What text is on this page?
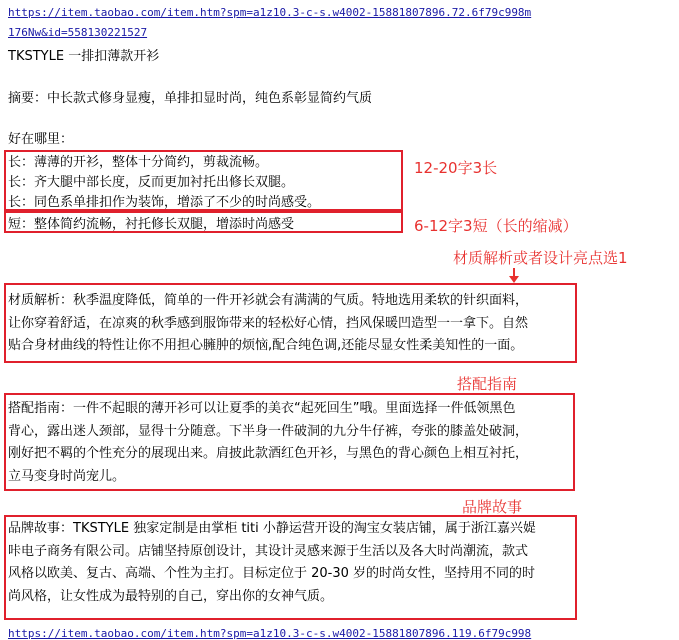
https://item.taobao.com/item.htm?spm=a1z10.3-c-s.w4002-15881807896.72.6f79c998m
176Nw&id=558130221527
TKSTYLE 一排扣薄款开衫
摘要：中长款式修身显瘦，单排扣显时尚，纯色系彰显简约气质
好在哪里：
长：薄薄的开衫，整体十分简约，剪裁流畅。
长：齐大腿中部长度，反而更加衬托出修长双腿。
长：同色系单排扣作为装饰，增添了不少的时尚感受。
12-20字3长
短：整体简约流畅，衬托修长双腿，增添时尚感受	6-12字3短（长的缩减）
材质解析或者设计亮点选1
材质解析：秋季温度降低，简单的一件开衫就会有满满的气质。特地选用柔软的针织面料，
让你穿着舒适，在凉爽的秋季感到服饰带来的轻松好心情，挡风保暖凹造型一一拿下。自然
贴合身材曲线的特性让你不用担心臃肿的烦恼,配合纯色调,还能尽显女性柔美知性的一面。
搭配指南
搭配指南：一件不起眼的薄开衫可以让夏季的美衣“起死回生”哦。里面选择一件低领黑色
背心，露出迷人颈部，显得十分随意。下半身一件破洞的九分牛仔裤，夸张的膝盖处破洞，
刚好把不羁的个性充分的展现出来。肩披此款酒红色开衫，与黑色的背心颜色上相互衬托，
立马变身时尚宠儿。
品牌故事
品牌故事：TKSTYLE 独家定制是由掌柜 titi 小静运营开设的淘宝女装店铺，属于浙江嘉兴媞
咔电子商务有限公司。店铺坚持原创设计，其设计灵感来源于生活以及各大时尚潮流，款式
风格以欧美、复古、高端、个性为主打。目标定位于 20-30 岁的时尚女性，坚持用不同的时
尚风格，让女性成为最特别的自己，穿出你的女神气质。
https://item.taobao.com/item.htm?spm=a1z10.3-c-s.w4002-15881807896.119.6f79c998
